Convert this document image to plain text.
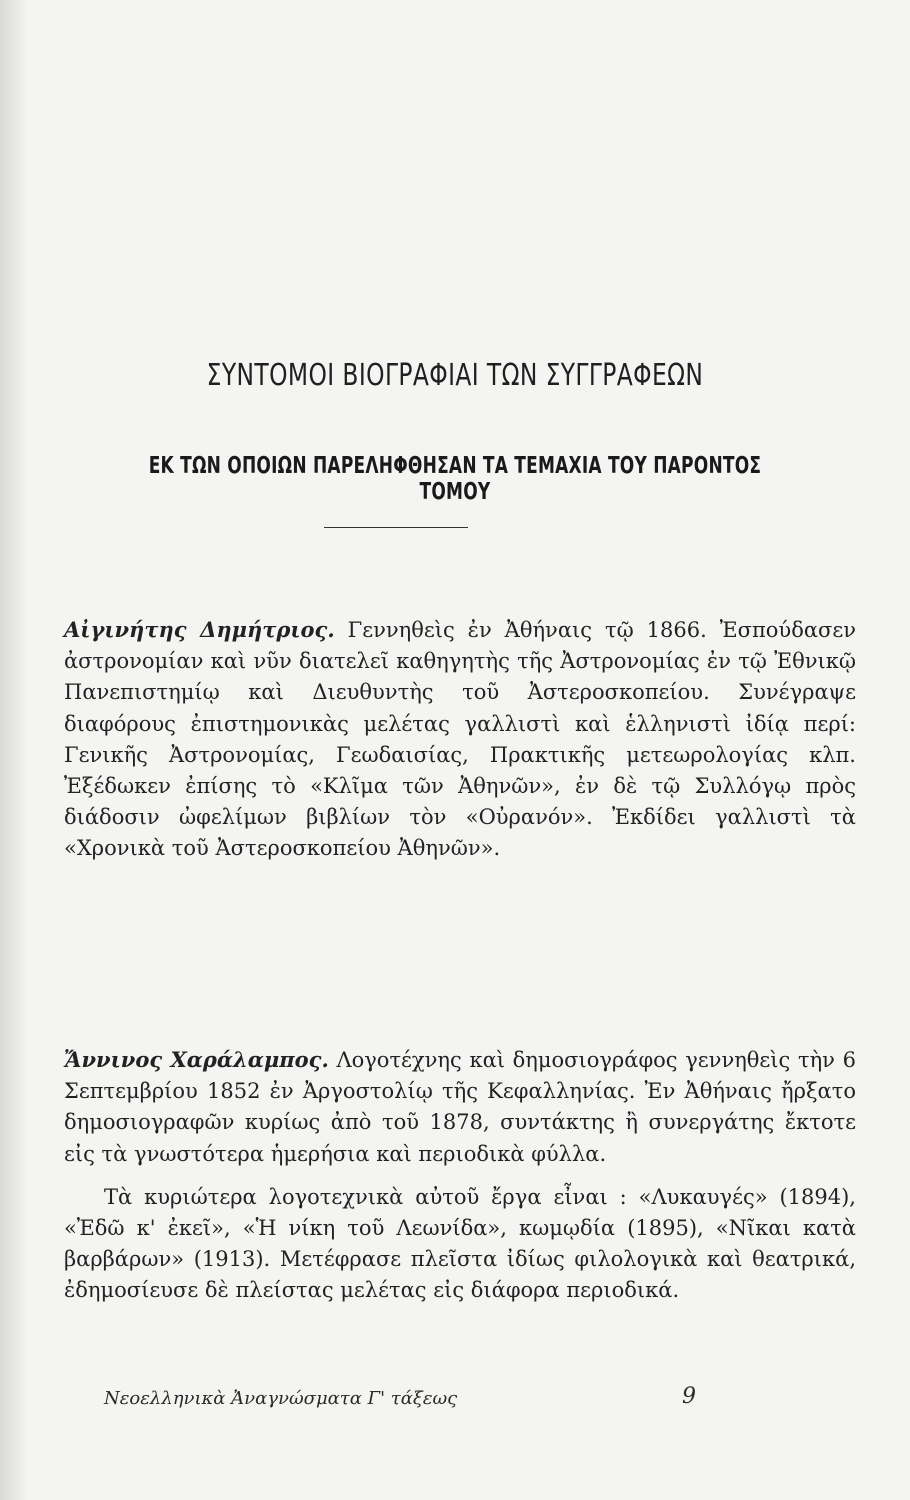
ΣΥΝΤΟΜΟΙ ΒΙΟΓΡΑΦΙΑΙ ΤΩΝ ΣΥΓΓΡΑΦΕΩΝ
ΕΚ ΤΩΝ ΟΠΟΙΩΝ ΠΑΡΕΛΗΦΘΗΣΑΝ ΤΑ ΤΕΜΑΧΙΑ ΤΟΥ ΠΑΡΟΝΤΟΣ ΤΟΜΟΥ

Αἰγινήτης Δημήτριος. Γεννηθεὶς ἐν Ἀθήναις τῷ 1866. Ἐσπούδασεν ἀστρονομίαν καὶ νῦν διατελεῖ καθηγητὴς τῆς Ἀστρονομίας ἐν τῷ Ἐθνικῷ Πανεπιστημίῳ καὶ Διευθυντὴς τοῦ Ἀστεροσκοπείου. Συνέγραψε διαφόρους ἐπιστημονικὰς μελέτας γαλλιστὶ καὶ ἑλληνιστὶ ἰδίᾳ περί: Γενικῆς Ἀστρονομίας, Γεωδαισίας, Πρακτικῆς μετεωρολογίας κλπ. Ἐξέδωκεν ἐπίσης τὸ «Κλῖμα τῶν Ἀθηνῶν», ἐν δὲ τῷ Συλλόγῳ πρὸς διάδοσιν ὠφελίμων βιβλίων τὸν «Οὐρανόν». Ἐκδίδει γαλλιστὶ τὰ «Χρονικὰ τοῦ Ἀστεροσκοπείου Ἀθηνῶν».

Ἄννινος Χαράλαμπος. Λογοτέχνης καὶ δημοσιογράφος γεννηθεὶς τὴν 6 Σεπτεμβρίου 1852 ἐν Ἀργοστολίῳ τῆς Κεφαλληνίας. Ἐν Ἀθήναις ἤρξατο δημοσιογραφῶν κυρίως ἀπὸ τοῦ 1878, συντάκτης ἢ συνεργάτης ἔκτοτε εἰς τὰ γνωστότερα ἡμερήσια καὶ περιοδικὰ φύλλα.

Τὰ κυριώτερα λογοτεχνικὰ αὐτοῦ ἔργα εἶναι : «Λυκαυγές» (1894), «Ἐδῶ κ' ἐκεῖ», «Ἡ νίκη τοῦ Λεωνίδα», κωμῳδία (1895), «Νῖκαι κατὰ βαρβάρων» (1913). Μετέφρασε πλεῖστα ἰδίως φιλολογικὰ καὶ θεατρικά, ἐδημοσίευσε δὲ πλείστας μελέτας εἰς διάφορα περιοδικά.

Νεοελληνικὰ Ἀναγνώσματα Γ' τάξεως	9
